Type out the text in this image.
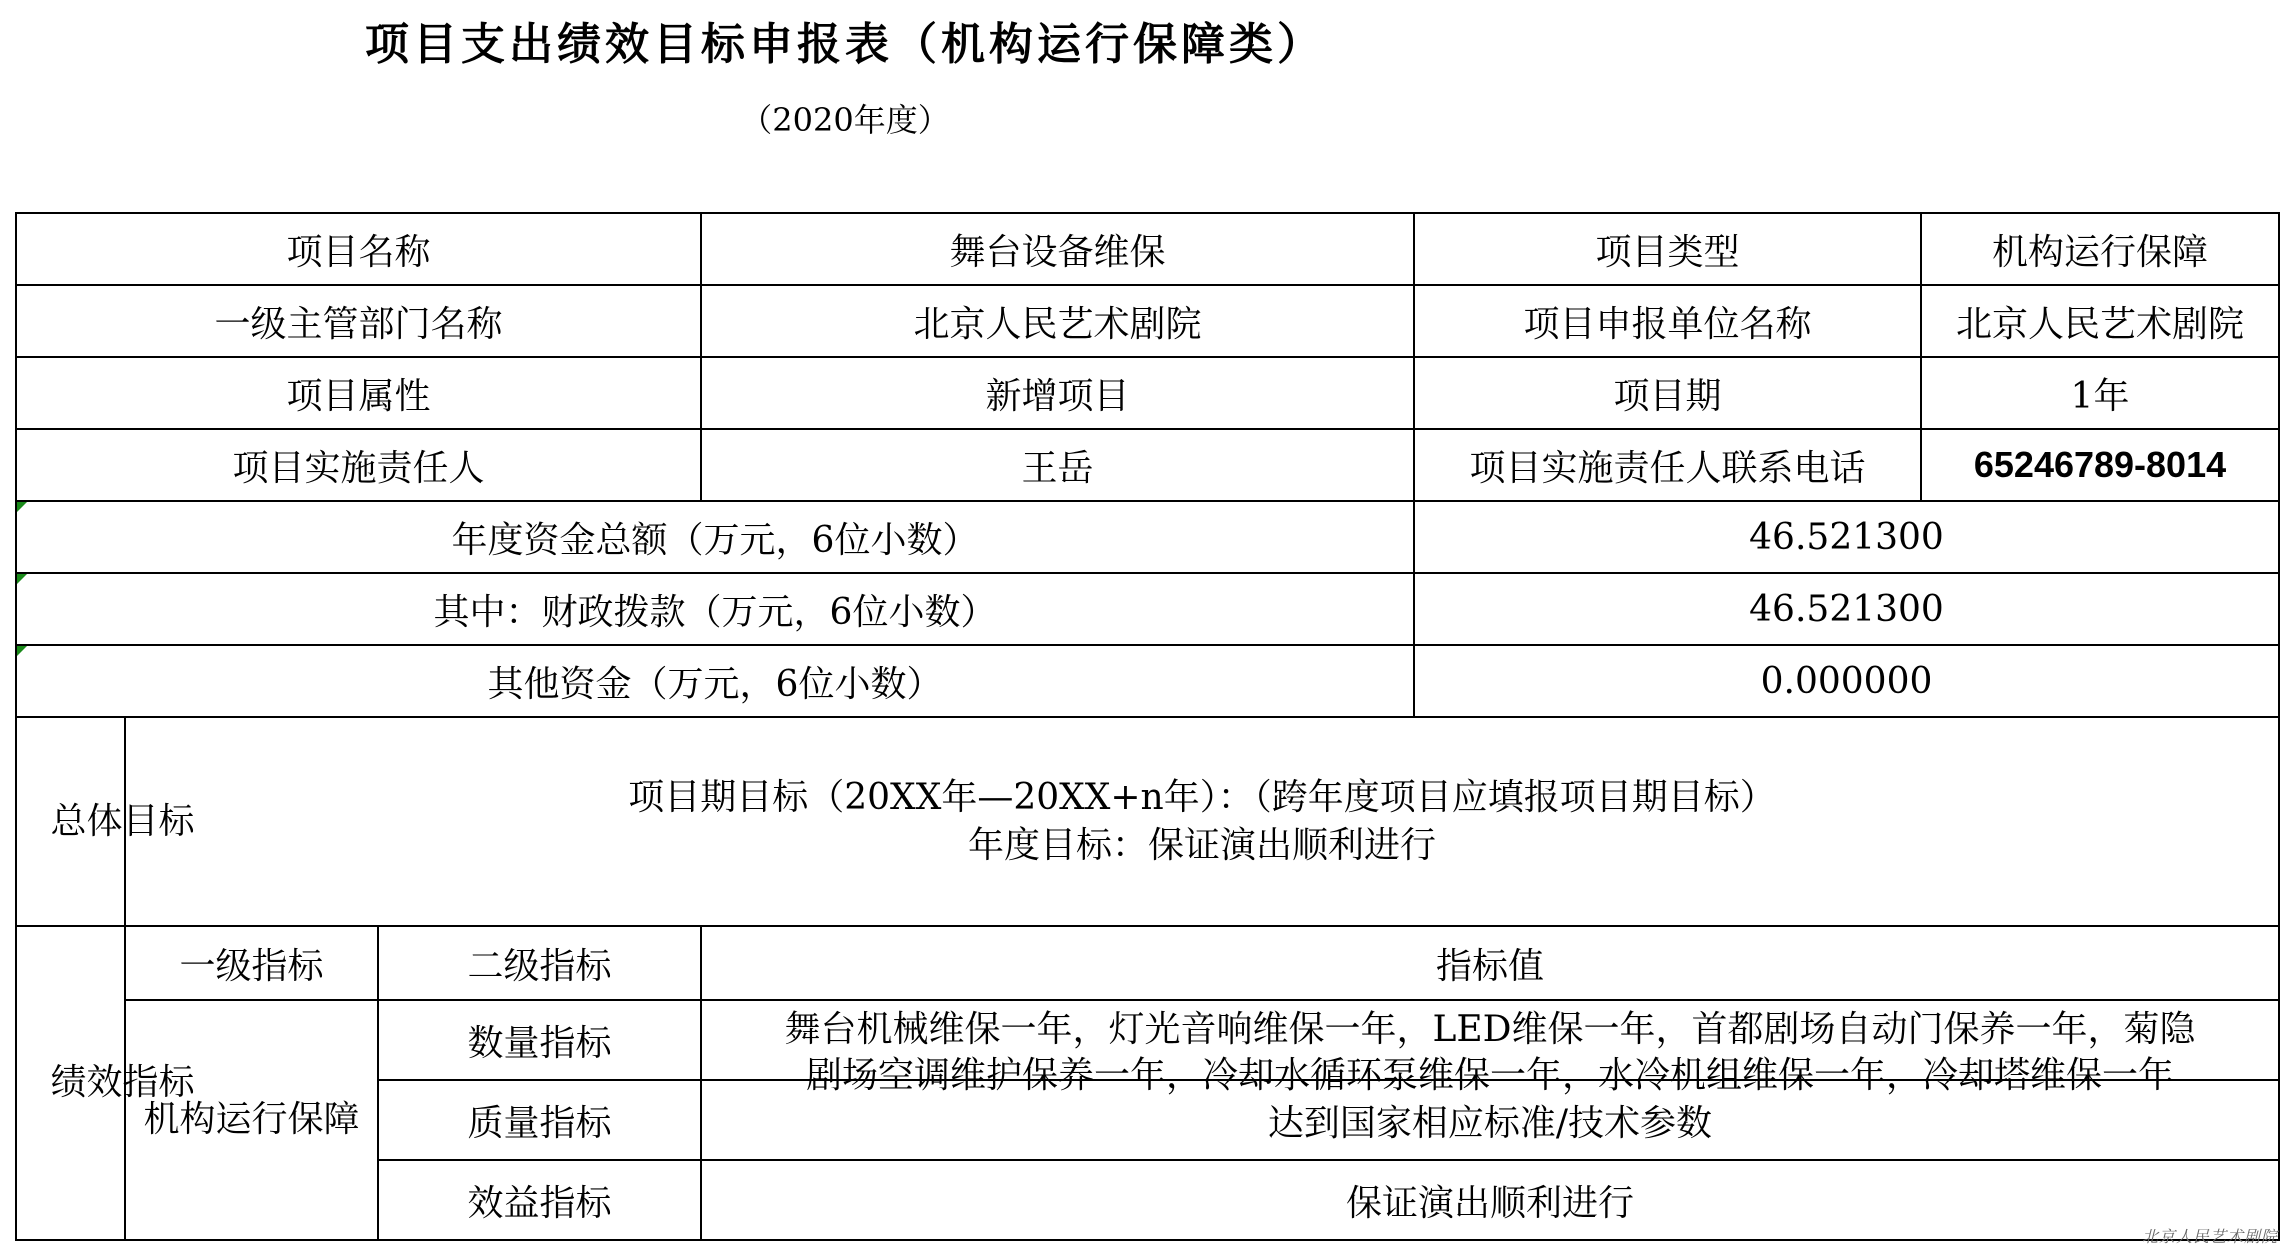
项目支出绩效目标申报表（机构运行保障类）
（2020年度）
项目名称			舞台设备维保	项目类型	机构运行保障
一级主管部门名称			北京人民艺术剧院	项目申报单位名称	北京人民艺术剧院
项目属性			新增项目	项目期	1年
项目实施责任人			王岳	项目实施责任人联系电话	65246789-8014
年度资金总额（万元，6位小数）				46.521300	
其中：财政拨款（万元，6位小数）				46.521300	
其他资金（万元，6位小数）				0.000000	

总体目标	项目期目标（20XX年—20XX+n年）：（跨年度项目应填报项目期目标）
年度目标：保证演出顺利进行				

绩效指标	一级指标	二级指标	指标值		
	机构运行保障	数量指标	舞台机械维保一年，灯光音响维保一年，LED维保一年，首都剧场自动门保养一年，菊隐
剧场空调维护保养一年，冷却水循环泵维保一年，水冷机组维保一年，冷却塔维保一年		

		质量指标	达到国家相应标准/技术参数		
		效益指标	保证演出顺利进行		
北京人民艺术剧院
